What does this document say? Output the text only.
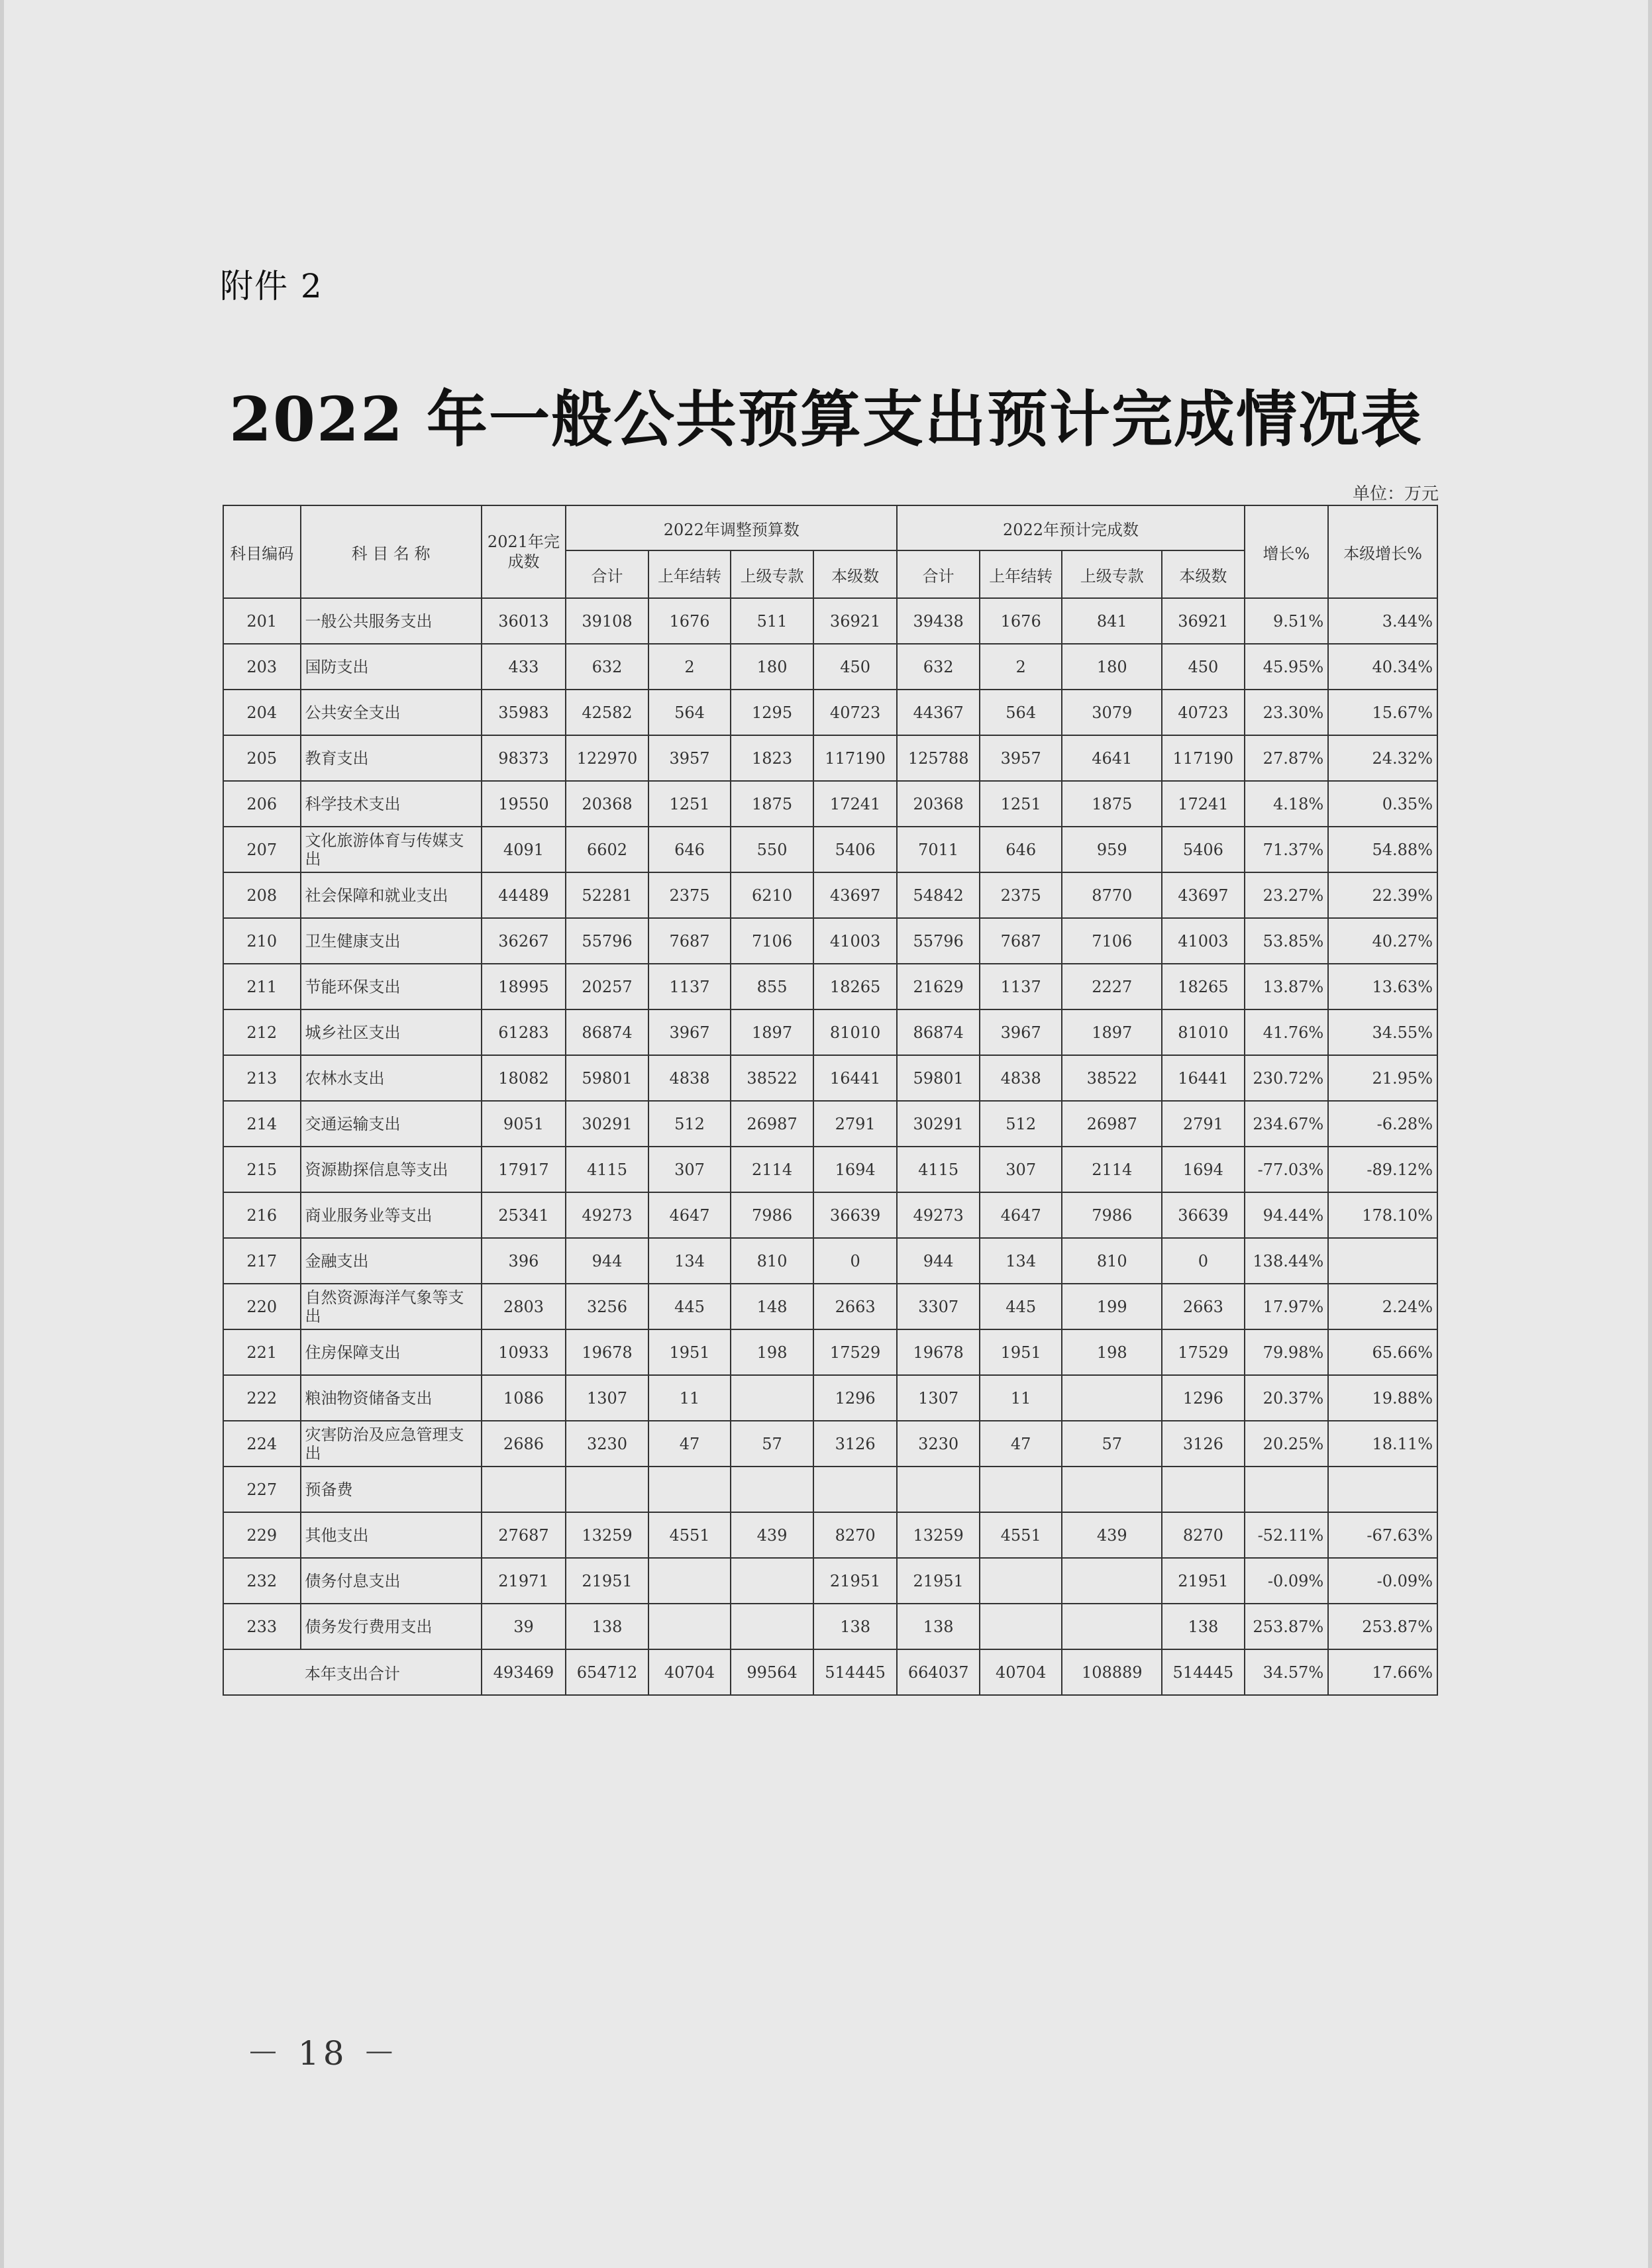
附件 2
2022 年一般公共预算支出预计完成情况表
单位：万元
科目编码	科 目 名 称	2021年完成数	2022年调整预算数				2022年预计完成数				增长%	本级增长%
			合计	上年结转	上级专款	本级数	合计	上年结转	上级专款	本级数		
201	一般公共服务支出	36013	39108	1676	511	36921	39438	1676	841	36921	9.51%	3.44%
203	国防支出	433	632	2	180	450	632	2	180	450	45.95%	40.34%
204	公共安全支出	35983	42582	564	1295	40723	44367	564	3079	40723	23.30%	15.67%
205	教育支出	98373	122970	3957	1823	117190	125788	3957	4641	117190	27.87%	24.32%
206	科学技术支出	19550	20368	1251	1875	17241	20368	1251	1875	17241	4.18%	0.35%
207	文化旅游体育与传媒支出	4091	6602	646	550	5406	7011	646	959	5406	71.37%	54.88%
208	社会保障和就业支出	44489	52281	2375	6210	43697	54842	2375	8770	43697	23.27%	22.39%
210	卫生健康支出	36267	55796	7687	7106	41003	55796	7687	7106	41003	53.85%	40.27%
211	节能环保支出	18995	20257	1137	855	18265	21629	1137	2227	18265	13.87%	13.63%
212	城乡社区支出	61283	86874	3967	1897	81010	86874	3967	1897	81010	41.76%	34.55%
213	农林水支出	18082	59801	4838	38522	16441	59801	4838	38522	16441	230.72%	21.95%
214	交通运输支出	9051	30291	512	26987	2791	30291	512	26987	2791	234.67%	-6.28%
215	资源勘探信息等支出	17917	4115	307	2114	1694	4115	307	2114	1694	-77.03%	-89.12%
216	商业服务业等支出	25341	49273	4647	7986	36639	49273	4647	7986	36639	94.44%	178.10%
217	金融支出	396	944	134	810	0	944	134	810	0	138.44%	
220	自然资源海洋气象等支出	2803	3256	445	148	2663	3307	445	199	2663	17.97%	2.24%
221	住房保障支出	10933	19678	1951	198	17529	19678	1951	198	17529	79.98%	65.66%
222	粮油物资储备支出	1086	1307	11		1296	1307	11		1296	20.37%	19.88%
224	灾害防治及应急管理支出	2686	3230	47	57	3126	3230	47	57	3126	20.25%	18.11%
227	预备费											
229	其他支出	27687	13259	4551	439	8270	13259	4551	439	8270	-52.11%	-67.63%
232	债务付息支出	21971	21951			21951	21951			21951	-0.09%	-0.09%
233	债务发行费用支出	39	138			138	138			138	253.87%	253.87%
本年支出合计		493469	654712	40704	99564	514445	664037	40704	108889	514445	34.57%	17.66%
－ 18 －
